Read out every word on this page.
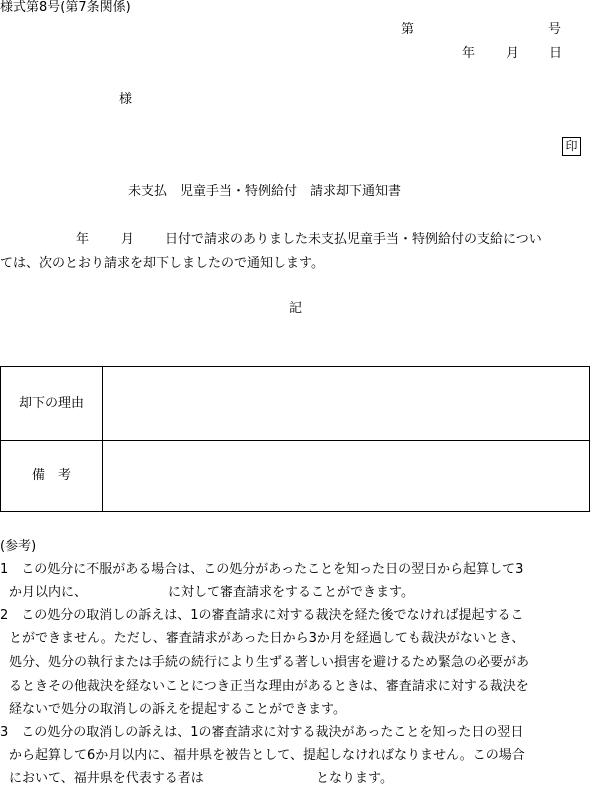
様式第8号(第7条関係)
第	号
年 月 日
様
印
未支払　児童手当・特例給付　請求却下通知書
年 月 日付で請求のありました未支払児童手当・特例給付の支給につい
ては、次のとおり請求を却下しましたので通知します。
記
却下の理由
備　考
(参考)
1　この処分に不服がある場合は、この処分があったことを知った日の翌日から起算して3
か月以内に、	に対して審査請求をすることができます。
2　この処分の取消しの訴えは、1の審査請求に対する裁決を経た後でなければ提起するこ
とができません。ただし、審査請求があった日から3か月を経過しても裁決がないとき、
処分、処分の執行または手続の続行により生ずる著しい損害を避けるため緊急の必要があ
るときその他裁決を経ないことにつき正当な理由があるときは、審査請求に対する裁決を
経ないで処分の取消しの訴えを提起することができます。
3　この処分の取消しの訴えは、1の審査請求に対する裁決があったことを知った日の翌日
から起算して6か月以内に、福井県を被告として、提起しなければなりません。この場合
において、福井県を代表する者は	となります。
